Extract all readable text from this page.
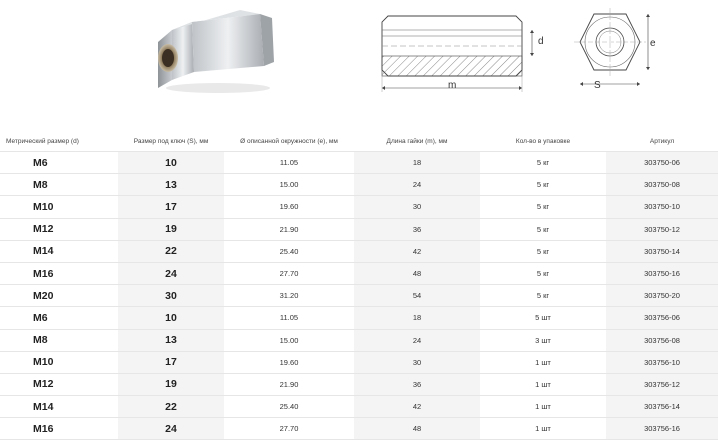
d
m
e
S
Метрический размер (d)	Размер под ключ (S), мм	Ø описанной окружности (e), мм	Длина гайки (m), мм	Кол-во в упаковке	Артикул
M6	10	11.05	18	5 кг	303750-06
M8	13	15.00	24	5 кг	303750-08
M10	17	19.60	30	5 кг	303750-10
M12	19	21.90	36	5 кг	303750-12
M14	22	25.40	42	5 кг	303750-14
M16	24	27.70	48	5 кг	303750-16
M20	30	31.20	54	5 кг	303750-20
M6	10	11.05	18	5 шт	303756-06
M8	13	15.00	24	3 шт	303756-08
M10	17	19.60	30	1 шт	303756-10
M12	19	21.90	36	1 шт	303756-12
M14	22	25.40	42	1 шт	303756-14
M16	24	27.70	48	1 шт	303756-16
